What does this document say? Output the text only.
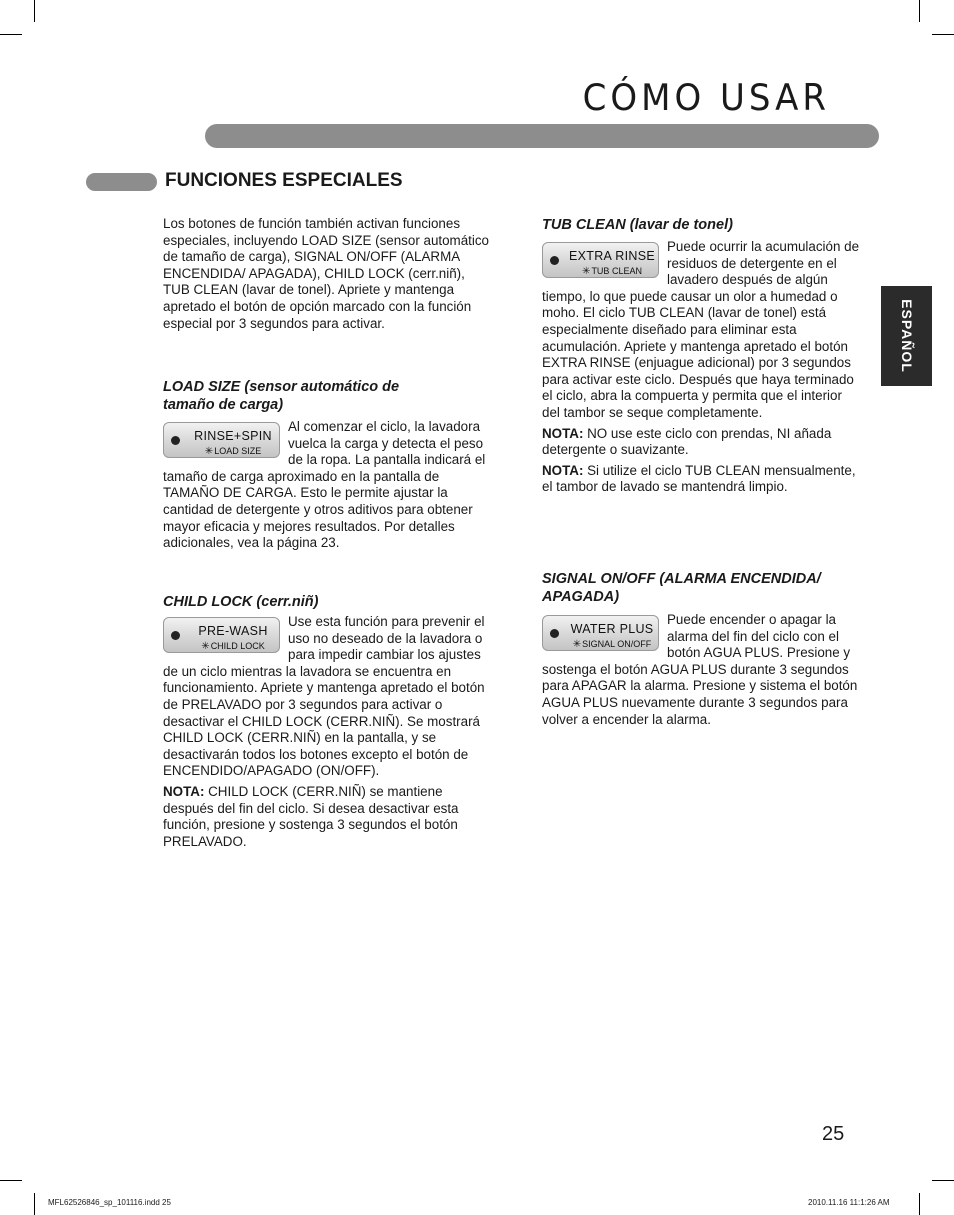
CÓMO USAR
FUNCIONES ESPECIALES
ESPAÑOL

Los botones de función también activan funciones especiales, incluyendo LOAD SIZE (sensor automático de tamaño de carga), SIGNAL ON/OFF (ALARMA ENCENDIDA/ APAGADA), CHILD LOCK (cerr.niñ), TUB CLEAN (lavar de tonel). Apriete y mantenga apretado el botón de opción marcado con la función especial por 3 segundos para activar.

LOAD SIZE (sensor automático de
tamaño de carga)
RINSE+SPIN
✳LOAD SIZE

Al comenzar el ciclo, la lavadora vuelca la carga y detecta el peso de la ropa. La pantalla indicará el tamaño de carga aproximado en la pantalla de TAMAÑO DE CARGA. Esto le permite ajustar la cantidad de detergente y otros aditivos para obtener mayor eficacia y mejores resultados. Por detalles adicionales, vea la página 23.

CHILD LOCK (cerr.niñ)
PRE-WASH
✳CHILD LOCK

Use esta función para prevenir el uso no deseado de la lavadora o para impedir cambiar los ajustes de un ciclo mientras la lavadora se encuentra en funcionamiento. Apriete y mantenga apretado el botón de PRELAVADO por 3 segundos para activar o desactivar el CHILD LOCK (CERR.NIÑ). Se mostrará CHILD LOCK (CERR.NIÑ) en la pantalla, y se desactivarán todos los botones excepto el botón de ENCENDIDO/APAGADO (ON/OFF).

NOTA: CHILD LOCK (CERR.NIÑ) se mantiene después del fin del ciclo. Si desea desactivar esta función, presione y sostenga 3 segundos el botón PRELAVADO.

TUB CLEAN (lavar de tonel)
EXTRA RINSE
✳TUB CLEAN

Puede ocurrir la acumulación de residuos de detergente en el lavadero después de algún tiempo, lo que puede causar un olor a humedad o moho. El ciclo TUB CLEAN (lavar de tonel) está especialmente diseñado para eliminar esta acumulación. Apriete y mantenga apretado el botón EXTRA RINSE (enjuague adicional) por 3 segundos para activar este ciclo. Después que haya terminado el ciclo, abra la compuerta y permita que el interior del tambor se seque completamente.

NOTA: NO use este ciclo con prendas, NI añada detergente o suavizante.

NOTA: Si utilize el ciclo TUB CLEAN mensualmente, el tambor de lavado se mantendrá limpio.

SIGNAL ON/OFF (ALARMA ENCENDIDA/
APAGADA)
WATER PLUS
✳SIGNAL ON/OFF

Puede encender o apagar la alarma del fin del ciclo con el botón AGUA PLUS. Presione y sostenga el botón AGUA PLUS durante 3 segundos para APAGAR la alarma. Presione y sistema el botón AGUA PLUS nuevamente durante 3 segundos para volver a encender la alarma.

25
MFL62526846_sp_101116.indd 25	2010.11.16 11:1:26 AM
